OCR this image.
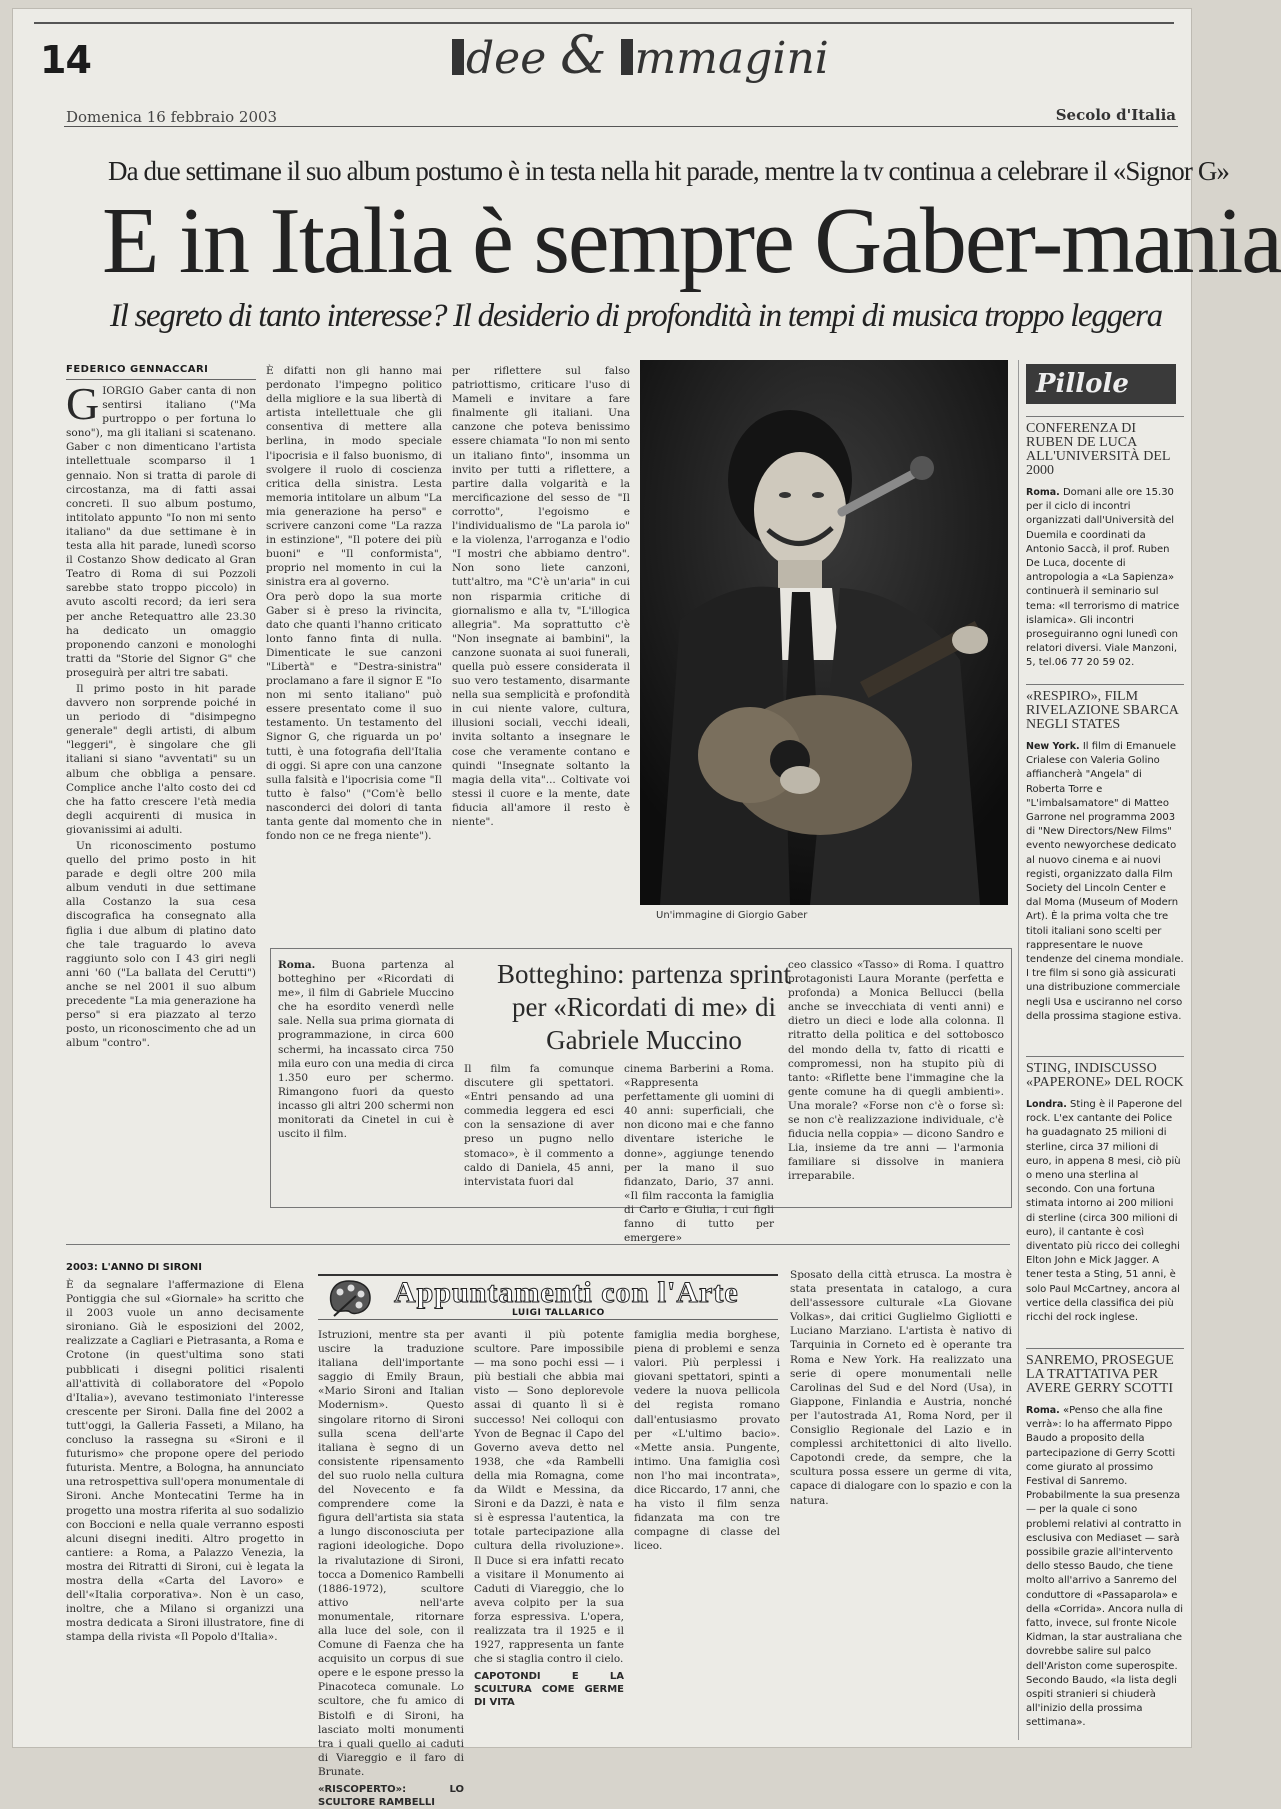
14	dee & mmagini
Domenica 16 febbraio 2003	Secolo d'Italia
Da due settimane il suo album postumo è in testa nella hit parade, mentre la tv continua a celebrare il «Signor G»
E in Italia è sempre Gaber-mania
Il segreto di tanto interesse? Il desiderio di profondità in tempi di musica troppo leggera
FEDERICO GENNACCARI
G IORGIO Gaber canta di non sentirsi italiano ("Ma purtroppo o per fortuna lo sono"), ma gli italiani si scatenano. Gaber c non dimenticano l'artista intellettuale scomparso il 1 gennaio. Non si tratta di parole di circostanza, ma di fatti assai concreti. Il suo album postumo, intitolato appunto "Io non mi sento italiano" da due settimane è in testa alla hit parade, lunedì scorso il Costanzo Show dedicato al Gran Teatro di Roma di sui Pozzoli sarebbe stato troppo piccolo) in avuto ascolti record; da ieri sera per anche Retequattro alle 23.30 ha dedicato un omaggio proponendo canzoni e monologhi tratti da "Storie del Signor G" che proseguirà per altri tre sabati.

Il primo posto in hit parade davvero non sorprende poiché in un periodo di "disimpegno generale" degli artisti, di album "leggeri", è singolare che gli italiani si siano "avventati" su un album che obbliga a pensare. Complice anche l'alto costo dei cd che ha fatto crescere l'età media degli acquirenti di musica in giovanissimi ai adulti.

Un riconoscimento postumo quello del primo posto in hit parade e degli oltre 200 mila album venduti in due settimane alla Costanzo la sua cesa discografica ha consegnato alla figlia i due album di platino dato che tale traguardo lo aveva raggiunto solo con I 43 giri negli anni '60 ("La ballata del Cerutti") anche se nel 2001 il suo album precedente "La mia generazione ha perso" si era piazzato al terzo posto, un riconoscimento che ad un album "contro".

È difatti non gli hanno mai perdonato l'impegno politico della migliore e la sua libertà di artista intellettuale che gli consentiva di mettere alla berlina, in modo speciale l'ipocrisia e il falso buonismo, di svolgere il ruolo di coscienza critica della sinistra. Lesta memoria intitolare un album "La mia generazione ha perso" e scrivere canzoni come "La razza in estinzione", "Il potere dei più buoni" e "Il conformista", proprio nel momento in cui la sinistra era al governo.
Ora però dopo la sua morte Gaber si è preso la rivincita, dato che quanti l'hanno criticato lonto fanno finta di nulla. Dimenticate le sue canzoni "Libertà" e "Destra-sinistra" proclamano a fare il signor E "Io non mi sento italiano" può essere presentato come il suo testamento. Un testamento del Signor G, che riguarda un po' tutti, è una fotografia dell'Italia di oggi. Si apre con una canzone sulla falsità e l'ipocrisia come "Il tutto è falso" ("Com'è bello nasconderci dei dolori di tanta tanta gente dal momento che in fondo non ce ne frega niente").
per riflettere sul falso patriottismo, criticare l'uso di Mameli e invitare a fare finalmente gli italiani. Una canzone che poteva benissimo essere chiamata "Io non mi sento un italiano finto", insomma un invito per tutti a riflettere, a partire dalla volgarità e la mercificazione del sesso de "Il corrotto", l'egoismo e l'individualismo de "La parola io" e la violenza, l'arroganza e l'odio "I mostri che abbiamo dentro". Non sono liete canzoni, tutt'altro, ma "C'è un'aria" in cui non risparmia critiche di giornalismo e alla tv, "L'illogica allegria". Ma soprattutto c'è "Non insegnate ai bambini", la canzone suonata ai suoi funerali, quella può essere considerata il suo vero testamento, disarmante nella sua semplicità e profondità in cui niente valore, cultura, illusioni sociali, vecchi ideali, invita soltanto a insegnare le cose che veramente contano e quindi "Insegnate soltanto la magia della vita"... Coltivate voi stessi il cuore e la mente, date fiducia all'amore il resto è niente".
Un'immagine di Giorgio Gaber
Pillole
CONFERENZA DI RUBEN DE LUCA ALL'UNIVERSITÀ DEL 2000
Roma. Domani alle ore 15.30 per il ciclo di incontri organizzati dall'Università del Duemila e coordinati da Antonio Saccà, il prof. Ruben De Luca, docente di antropologia a «La Sapienza» continuerà il seminario sul tema: «Il terrorismo di matrice islamica». Gli incontri proseguiranno ogni lunedì con relatori diversi. Viale Manzoni, 5, tel.06 77 20 59 02.
«RESPIRO», FILM RIVELAZIONE SBARCA NEGLI STATES
New York. Il film di Emanuele Crialese con Valeria Golino affiancherà "Angela" di Roberta Torre e "L'imbalsamatore" di Matteo Garrone nel programma 2003 di "New Directors/New Films" evento newyorchese dedicato al nuovo cinema e ai nuovi registi, organizzato dalla Film Society del Lincoln Center e dal Moma (Museum of Modern Art). È la prima volta che tre titoli italiani sono scelti per rappresentare le nuove tendenze del cinema mondiale. I tre film si sono già assicurati una distribuzione commerciale negli Usa e usciranno nel corso della prossima stagione estiva.
STING, INDISCUSSO «PAPERONE» DEL ROCK
Londra. Sting è il Paperone del rock. L'ex cantante dei Police ha guadagnato 25 milioni di sterline, circa 37 milioni di euro, in appena 8 mesi, ciò più o meno una sterlina al secondo. Con una fortuna stimata intorno ai 200 milioni di sterline (circa 300 milioni di euro), il cantante è così diventato più ricco dei colleghi Elton John e Mick Jagger. A tener testa a Sting, 51 anni, è solo Paul McCartney, ancora al vertice della classifica dei più ricchi del rock inglese.
SANREMO, PROSEGUE LA TRATTATIVA PER AVERE GERRY SCOTTI
Roma. «Penso che alla fine verrà»: lo ha affermato Pippo Baudo a proposito della partecipazione di Gerry Scotti come giurato al prossimo Festival di Sanremo. Probabilmente la sua presenza — per la quale ci sono problemi relativi al contratto in esclusiva con Mediaset — sarà possibile grazie all'intervento dello stesso Baudo, che tiene molto all'arrivo a Sanremo del conduttore di «Passaparola» e della «Corrida». Ancora nulla di fatto, invece, sul fronte Nicole Kidman, la star australiana che dovrebbe salire sul palco dell'Ariston come superospite. Secondo Baudo, «la lista degli ospiti stranieri si chiuderà all'inizio della prossima settimana».
Botteghino: partenza sprint per «Ricordati di me» di Gabriele Muccino
Roma. Buona partenza al botteghino per «Ricordati di me», il film di Gabriele Muccino che ha esordito venerdì nelle sale. Nella sua prima giornata di programmazione, in circa 600 schermi, ha incassato circa 750 mila euro con una media di circa 1.350 euro per schermo. Rimangono fuori da questo incasso gli altri 200 schermi non monitorati da Cinetel in cui è uscito il film.
Il film fa comunque discutere gli spettatori. «Entri pensando ad una commedia leggera ed esci con la sensazione di aver preso un pugno nello stomaco», è il commento a caldo di Daniela, 45 anni, intervistata fuori dal
cinema Barberini a Roma. «Rappresenta perfettamente gli uomini di 40 anni: superficiali, che non dicono mai e che fanno diventare isteriche le donne», aggiunge tenendo per la mano il suo fidanzato, Dario, 37 anni. «Il film racconta la famiglia di Carlo e Giulia, i cui figli fanno di tutto per emergere»
ceo classico «Tasso» di Roma. I quattro protagonisti Laura Morante (perfetta e profonda) a Monica Bellucci (bella anche se invecchiata di venti anni) e dietro un dieci e lode alla colonna. Il ritratto della politica e del sottobosco del mondo della tv, fatto di ricatti e compromessi, non ha stupito più di tanto: «Riflette bene l'immagine che la gente comune ha di quegli ambienti». Una morale? «Forse non c'è o forse sì: se non c'è realizzazione individuale, c'è fiducia nella coppia» — dicono Sandro e Lia, insieme da tre anni — l'armonia familiare si dissolve in maniera irreparabile.
2003: L'ANNO DI SIRONI
È da segnalare l'affermazione di Elena Pontiggia che sul «Giornale» ha scritto che il 2003 vuole un anno decisamente sironiano. Già le esposizioni del 2002, realizzate a Cagliari e Pietrasanta, a Roma e Crotone (in quest'ultima sono stati pubblicati i disegni politici risalenti all'attività di collaboratore del «Popolo d'Italia»), avevano testimoniato l'interesse crescente per Sironi. Dalla fine del 2002 a tutt'oggi, la Galleria Fasseti, a Milano, ha concluso la rassegna su «Sironi e il futurismo» che propone opere del periodo futurista. Mentre, a Bologna, ha annunciato una retrospettiva sull'opera monumentale di Sironi. Anche Montecatini Terme ha in progetto una mostra riferita al suo sodalizio con Boccioni e nella quale verranno esposti alcuni disegni inediti. Altro progetto in cantiere: a Roma, a Palazzo Venezia, la mostra dei Ritratti di Sironi, cui è legata la mostra della «Carta del Lavoro» e dell'«Italia corporativa». Non è un caso, inoltre, che a Milano si organizzi una mostra dedicata a Sironi illustratore, fine di stampa della rivista «Il Popolo d'Italia».
Appuntamenti con l'Arte
LUIGI TALLARICO
Istruzioni, mentre sta per uscire la traduzione italiana dell'importante saggio di Emily Braun, «Mario Sironi and Italian Modernism». Questo singolare ritorno di Sironi sulla scena dell'arte italiana è segno di un consistente ripensamento del suo ruolo nella cultura del Novecento e fa comprendere come la figura dell'artista sia stata a lungo disconosciuta per ragioni ideologiche. Dopo la rivalutazione di Sironi, tocca a Domenico Rambelli (1886-1972), scultore attivo nell'arte monumentale, ritornare alla luce del sole, con il Comune di Faenza che ha acquisito un corpus di sue opere e le espone presso la Pinacoteca comunale. Lo scultore, che fu amico di Bistolfi e di Sironi, ha lasciato molti monumenti tra i quali quello ai caduti di Viareggio e il faro di Brunate.
«RISCOPERTO»: LO SCULTORE RAMBELLI
avanti il più potente scultore. Pare impossibile — ma sono pochi essi — i più bestiali che abbia mai visto — Sono deplorevole assai di quanto lì si è successo! Nei colloqui con Yvon de Begnac il Capo del Governo aveva detto nel 1938, che «da Rambelli della mia Romagna, come da Wildt e Messina, da Sironi e da Dazzi, è nata e si è espressa l'autentica, la totale partecipazione alla cultura della rivoluzione». Il Duce si era infatti recato a visitare il Monumento ai Caduti di Viareggio, che lo aveva colpito per la sua forza espressiva. L'opera, realizzata tra il 1925 e il 1927, rappresenta un fante che si staglia contro il cielo.
CAPOTONDI E LA SCULTURA COME GERME DI VITA
famiglia media borghese, piena di problemi e senza valori. Più perplessi i giovani spettatori, spinti a vedere la nuova pellicola del regista romano dall'entusiasmo provato per «L'ultimo bacio». «Mette ansia. Pungente, intimo. Una famiglia così non l'ho mai incontrata», dice Riccardo, 17 anni, che ha visto il film senza fidanzata ma con tre compagne di classe del liceo.
Sposato della città etrusca. La mostra è stata presentata in catalogo, a cura dell'assessore culturale «La Giovane Volkas», dai critici Guglielmo Gigliotti e Luciano Marziano. L'artista è nativo di Tarquinia in Corneto ed è operante tra Roma e New York. Ha realizzato una serie di opere monumentali nelle Carolinas del Sud e del Nord (Usa), in Giappone, Finlandia e Austria, nonché per l'autostrada A1, Roma Nord, per il Consiglio Regionale del Lazio e in complessi architettonici di alto livello. Capotondi crede, da sempre, che la scultura possa essere un germe di vita, capace di dialogare con lo spazio e con la natura.
